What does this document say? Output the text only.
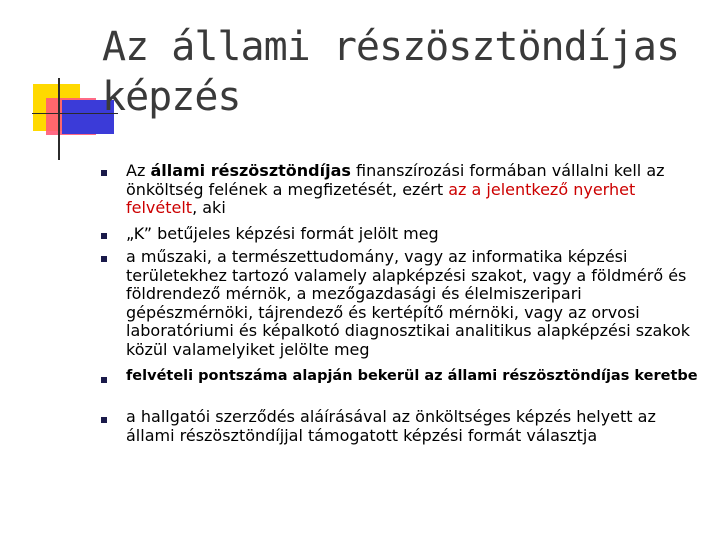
Az állami részösztöndíjas képzés
Az állami részösztöndíjas finanszírozási formában vállalni kell az önköltség felének a megfizetését, ezért az a jelentkező nyerhet felvételt, aki
„K” betűjeles képzési formát jelölt meg
a műszaki, a természettudomány, vagy az informatika képzési területekhez tartozó valamely alapképzési szakot, vagy a földmérő és földrendező mérnök, a mezőgazdasági és élelmiszeripari gépészmérnöki, tájrendező és kertépítő mérnöki, vagy az orvosi laboratóriumi és képalkotó diagnosztikai analitikus alapképzési szakok közül valamelyiket jelölte meg
felvételi pontszáma alapján bekerül az állami részösztöndíjas keretbe
a hallgatói szerződés aláírásával az önköltséges képzés helyett az állami részösztöndíjjal támogatott képzési formát választja
